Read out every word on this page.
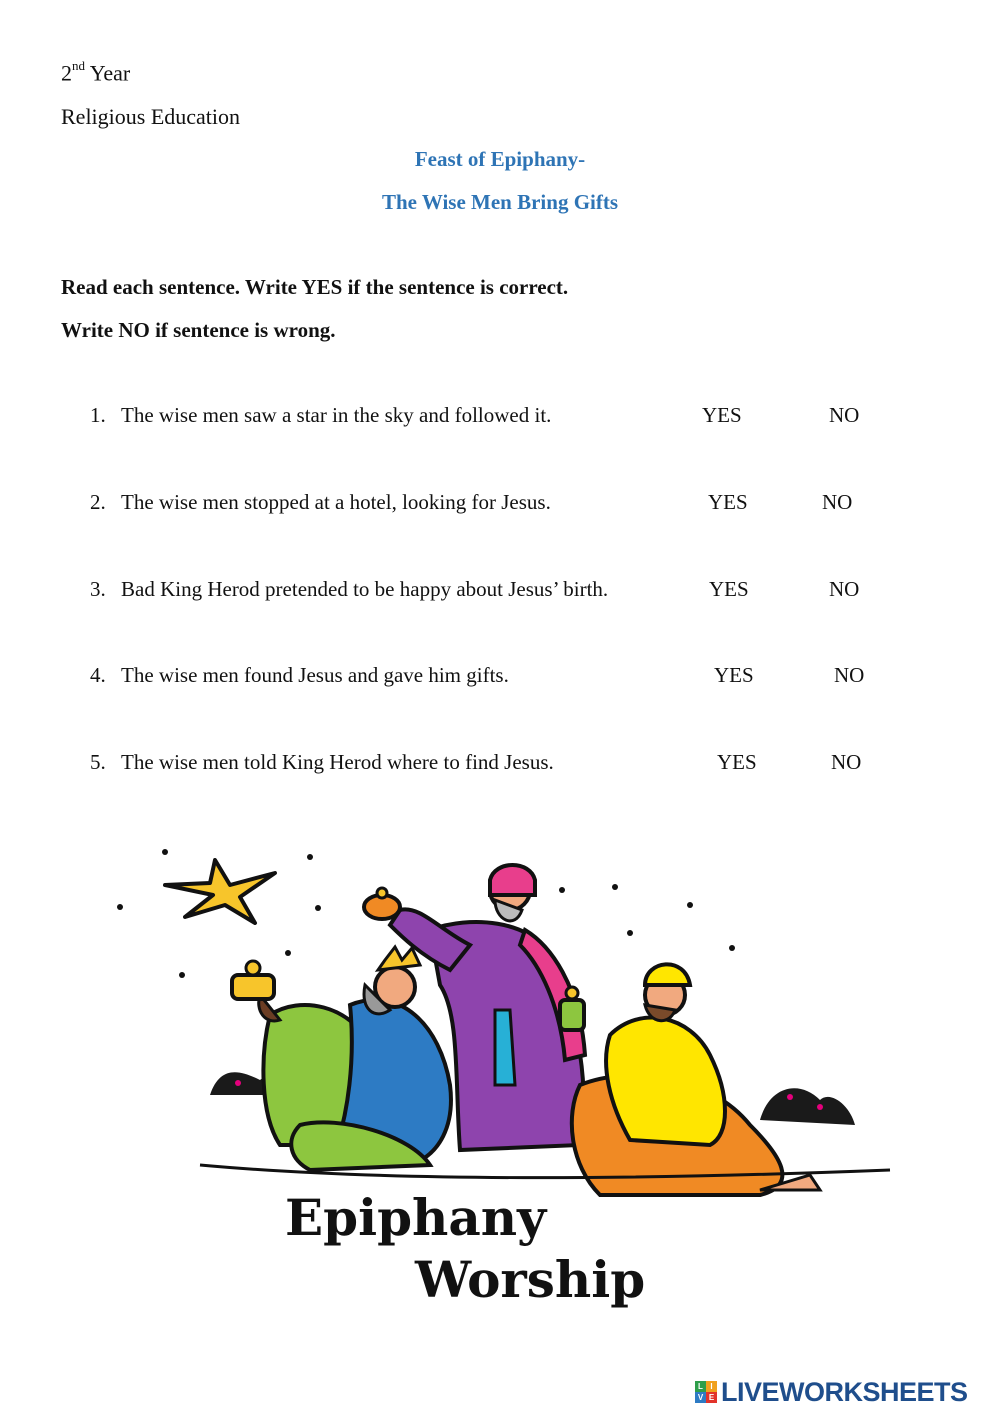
2nd Year
Religious Education
Feast of Epiphany-
The Wise Men Bring Gifts
Read each sentence. Write YES if the sentence is correct.
Write NO if sentence is wrong.
1. The wise men saw a star in the sky and followed it.	YES	NO
2. The wise men stopped at a hotel, looking for Jesus.	YES	NO
3. Bad King Herod pretended to be happy about Jesus’ birth.	YES	NO
4. The wise men found Jesus and gave him gifts.	YES	NO
5. The wise men told King Herod where to find Jesus.	YES	NO
Epiphany
Worship
L I
V E LIVEWORKSHEETS
